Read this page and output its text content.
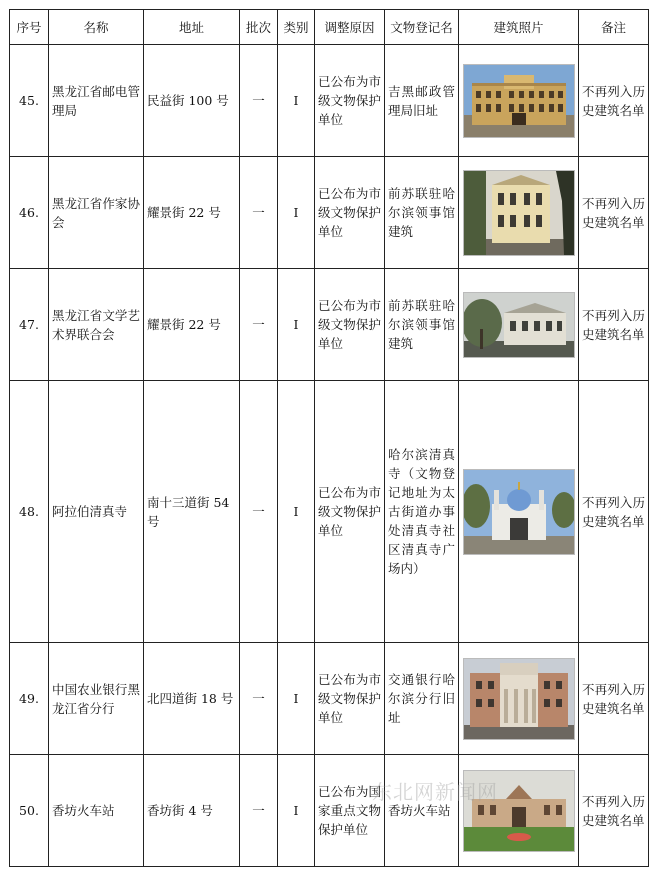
序号	名称	地址	批次	类别	调整原因	文物登记名	建筑照片	备注
45.	黑龙江省邮电管理局	民益街 100 号	一	I	已公布为市级文物保护单位	吉黑邮政管理局旧址		不再列入历史建筑名单
46.	黑龙江省作家协会	耀景街 22 号	一	I	已公布为市级文物保护单位	前苏联驻哈尔滨领事馆建筑		不再列入历史建筑名单
47.	黑龙江省文学艺术界联合会	耀景街 22 号	一	I	已公布为市级文物保护单位	前苏联驻哈尔滨领事馆建筑		不再列入历史建筑名单
48.	阿拉伯清真寺	南十三道街 54 号	一	I	已公布为市级文物保护单位	哈尔滨清真寺（文物登记地址为太古街道办事处清真寺社区清真寺广场内）		不再列入历史建筑名单
49.	中国农业银行黑龙江省分行	北四道街 18 号	一	I	已公布为市级文物保护单位	交通银行哈尔滨分行旧址		不再列入历史建筑名单
50.	香坊火车站	香坊街 4 号	一	I	已公布为国家重点文物保护单位	香坊火车站		不再列入历史建筑名单
东北网新闻网
